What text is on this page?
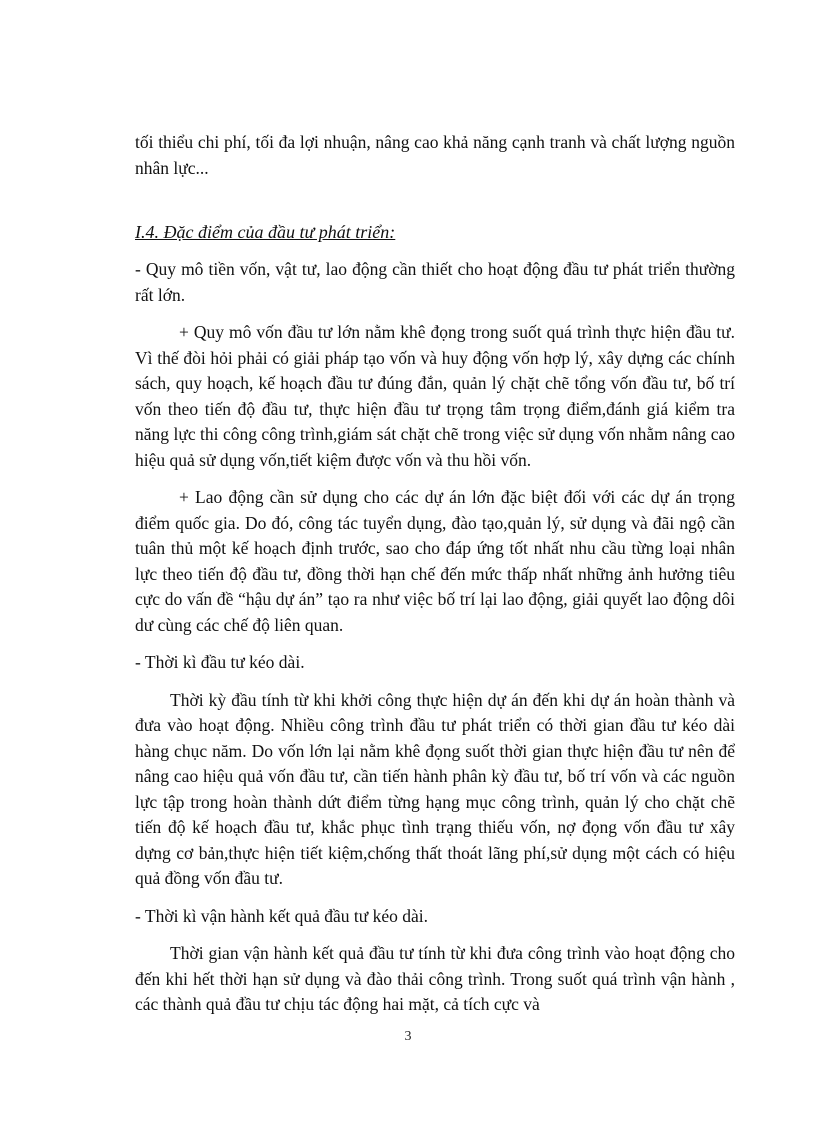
tối thiểu chi phí, tối đa lợi nhuận, nâng cao khả năng cạnh tranh và chất lượng nguồn nhân lực...

I.4. Đặc điểm của đầu tư phát triển:

- Quy mô tiền vốn, vật tư, lao động cần thiết cho hoạt động đầu tư phát triển thường rất lớn.

+ Quy mô vốn đầu tư lớn nằm khê đọng trong suốt quá trình thực hiện đầu tư. Vì thế đòi hỏi phải có giải pháp tạo vốn và huy động vốn hợp lý, xây dựng các chính sách, quy hoạch, kế hoạch đầu tư đúng đắn, quản lý chặt chẽ tổng vốn đầu tư, bố trí vốn theo tiến độ đầu tư, thực hiện đầu tư trọng tâm trọng điểm,đánh giá kiểm tra năng lực thi công công trình,giám sát chặt chẽ trong việc sử dụng vốn nhằm nâng cao hiệu quả sử dụng vốn,tiết kiệm được vốn và thu hồi vốn.

+ Lao động cần sử dụng cho các dự án lớn đặc biệt đối với các dự án trọng điểm quốc gia. Do đó, công tác tuyển dụng, đào tạo,quản lý, sử dụng và đãi ngộ cần tuân thủ một kế hoạch định trước, sao cho đáp ứng tốt nhất nhu cầu từng loại nhân lực theo tiến độ đầu tư, đồng thời hạn chế đến mức thấp nhất những ảnh hưởng tiêu cực do vấn đề “hậu dự án” tạo ra như việc bố trí lại lao động, giải quyết lao động dôi dư cùng các chế độ liên quan.

- Thời kì đầu tư kéo dài.

Thời kỳ đầu tính từ khi khởi công thực hiện dự án đến khi dự án hoàn thành và đưa vào hoạt động. Nhiều công trình đầu tư phát triển có thời gian đầu tư kéo dài hàng chục năm. Do vốn lớn lại nằm khê đọng suốt thời gian thực hiện đầu tư nên để nâng cao hiệu quả vốn đầu tư, cần tiến hành phân kỳ đầu tư, bố trí vốn và các nguồn lực tập trong hoàn thành dứt điểm từng hạng mục công trình, quản lý cho chặt chẽ tiến độ kế hoạch đầu tư, khắc phục tình trạng thiếu vốn, nợ đọng vốn đầu tư xây dựng cơ bản,thực hiện tiết kiệm,chống thất thoát lãng phí,sử dụng một cách có hiệu quả đồng vốn đầu tư.

- Thời kì vận hành kết quả đầu tư kéo dài.

Thời gian vận hành kết quả đầu tư tính từ khi đưa công trình vào hoạt động cho đến khi hết thời hạn sử dụng và đào thải công trình. Trong suốt quá trình vận hành , các thành quả đầu tư chịu tác động hai mặt, cả tích cực và

3
